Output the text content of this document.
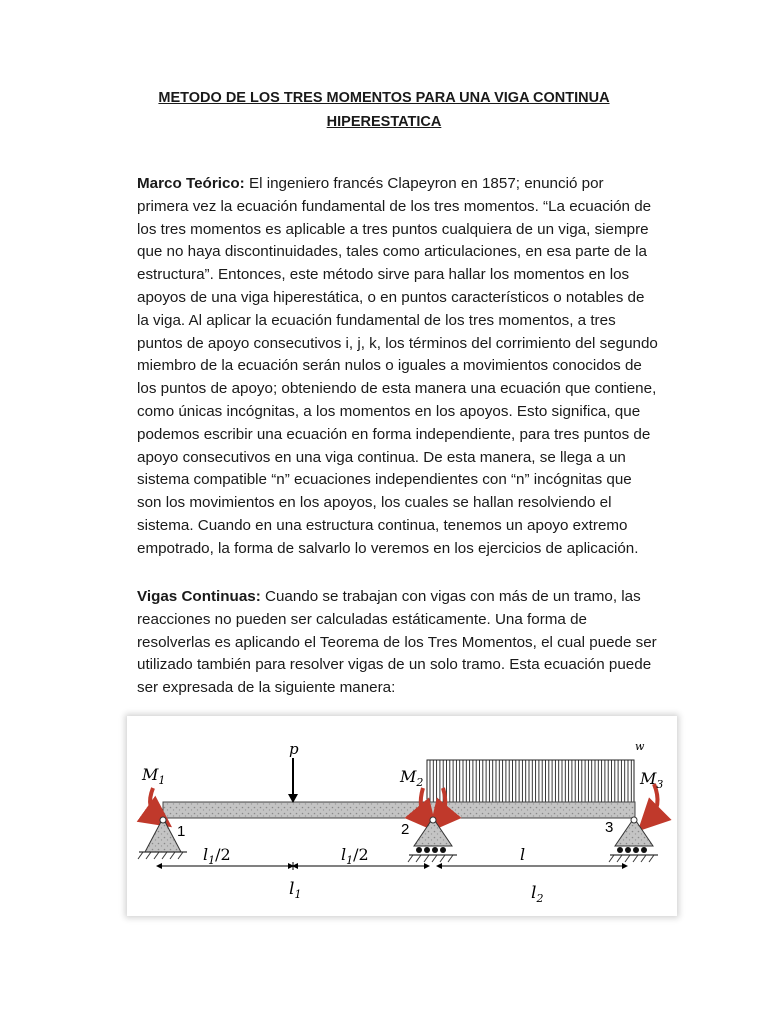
METODO DE LOS TRES MOMENTOS PARA UNA VIGA CONTINUA
HIPERESTATICA

Marco Teórico: El ingeniero francés Clapeyron en 1857; enunció por primera vez la ecuación fundamental de los tres momentos. “La ecuación de los tres momentos es aplicable a tres puntos cualquiera de un viga, siempre que no haya discontinuidades, tales como articulaciones, en esa parte de la estructura”. Entonces, este método sirve para hallar los momentos en los apoyos de una viga hiperestática, o en puntos característicos o notables de la viga. Al aplicar la ecuación fundamental de los tres momentos, a tres puntos de apoyo consecutivos i, j, k, los términos del corrimiento del segundo miembro de la ecuación serán nulos o iguales a movimientos conocidos de los puntos de apoyo; obteniendo de esta manera una ecuación que contiene, como únicas incógnitas, a los momentos en los apoyos. Esto significa, que podemos escribir una ecuación en forma independiente, para tres puntos de apoyo consecutivos en una viga continua. De esta manera, se llega a un sistema compatible “n” ecuaciones independientes con “n” incógnitas que son los movimientos en los apoyos, los cuales se hallan resolviendo el sistema. Cuando en una estructura continua, tenemos un apoyo extremo empotrado, la forma de salvarlo lo veremos en los ejercicios de aplicación.

Vigas Continuas: Cuando se trabajan con vigas con más de un tramo, las reacciones no pueden ser calculadas estáticamente. Una forma de resolverlas es aplicando el Teorema de los Tres Momentos, el cual puede ser utilizado también para resolver vigas de un solo tramo. Esta ecuación puede ser expresada de la siguiente manera:

w
p
$M_1$	$M_2$	$M_3$
1	2	3
$l_1/2$	$l_1/2$	l
$l_1$	$l_2$
